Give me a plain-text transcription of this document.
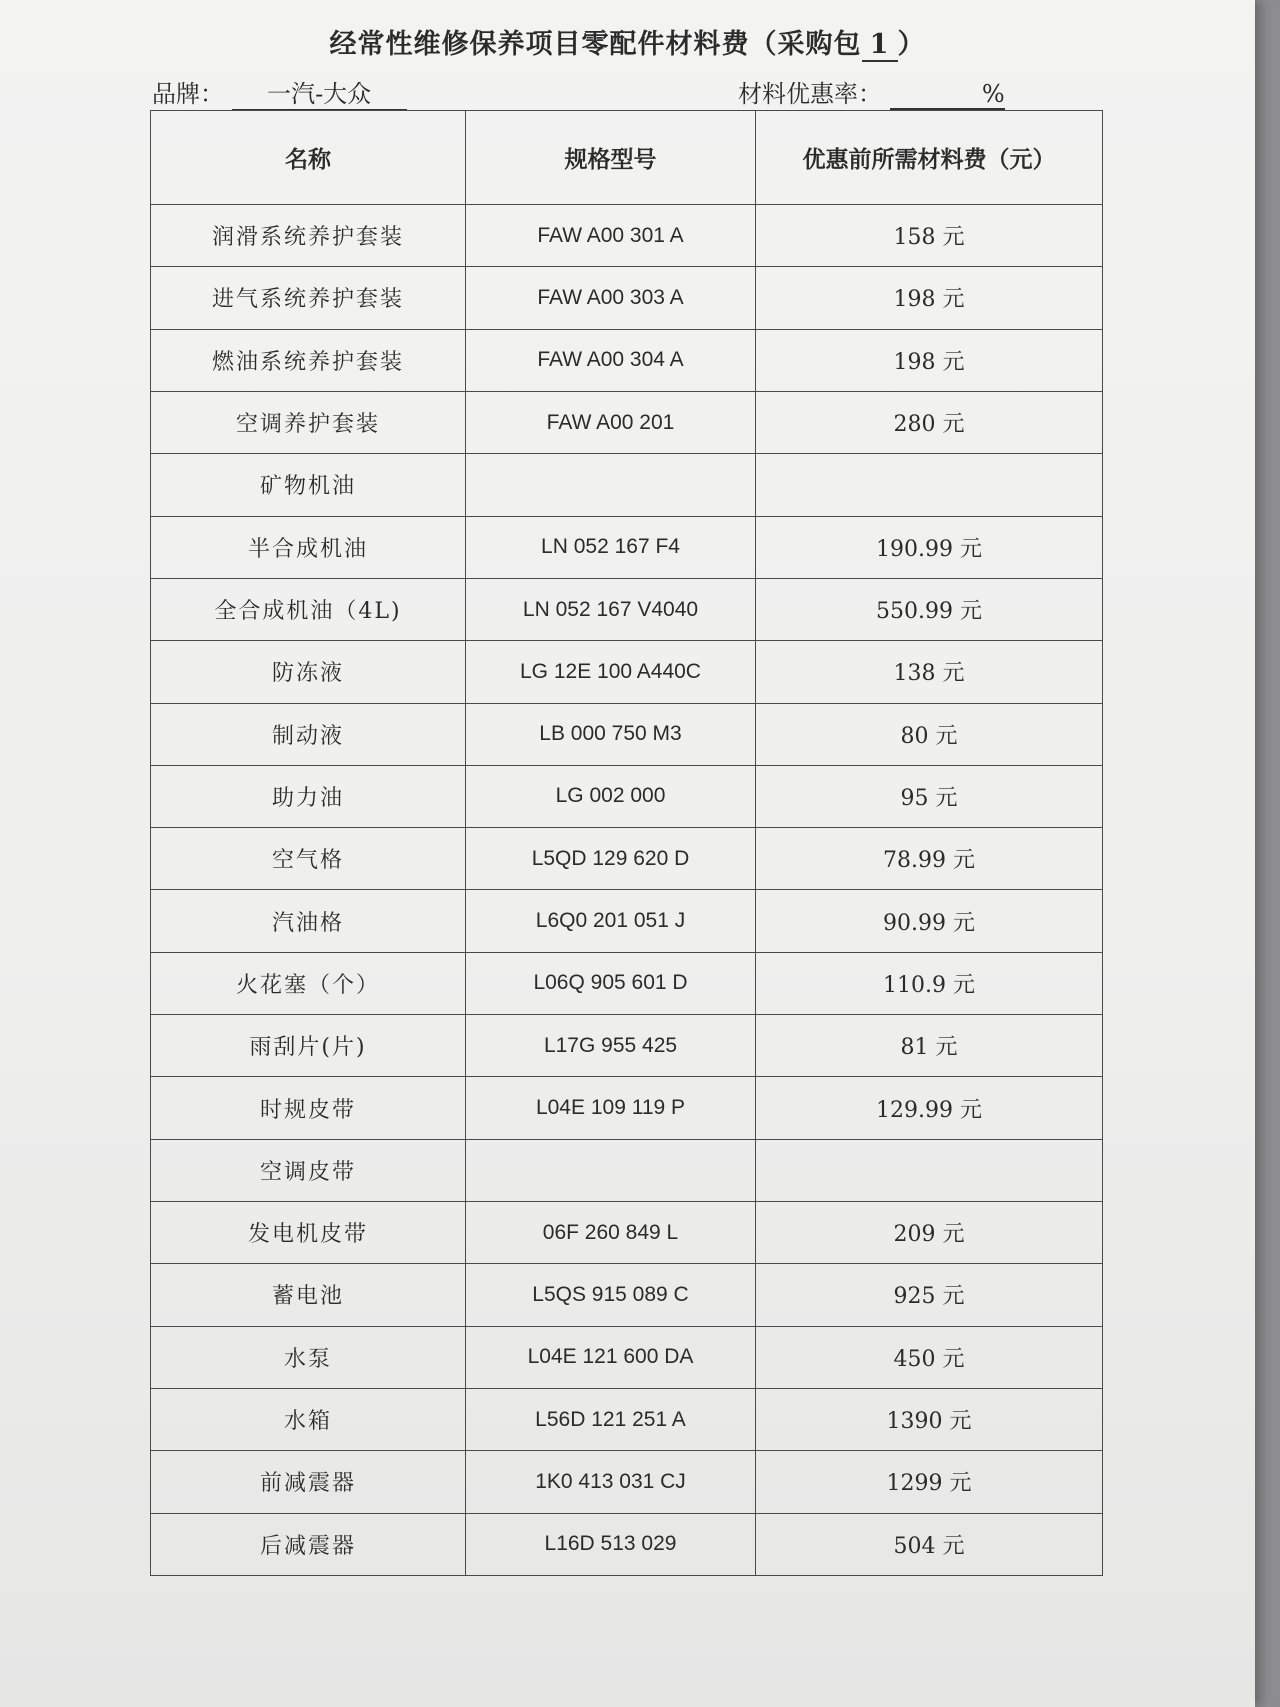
经常性维修保养项目零配件材料费（采购包 1 ）
品牌： 一汽-大众	材料优惠率：	%
名称	规格型号	优惠前所需材料费（元）
润滑系统养护套装	FAW A00 301 A	158 元
进气系统养护套装	FAW A00 303 A	198 元
燃油系统养护套装	FAW A00 304 A	198 元
空调养护套装	FAW A00 201	280 元
矿物机油		
半合成机油	LN 052 167 F4	190.99 元
全合成机油（4L)	LN 052 167 V4040	550.99 元
防冻液	LG 12E 100 A440C	138 元
制动液	LB 000 750 M3	80 元
助力油	LG 002 000	95 元
空气格	L5QD 129 620 D	78.99 元
汽油格	L6Q0 201 051 J	90.99 元
火花塞（个）	L06Q 905 601 D	110.9 元
雨刮片(片)	L17G 955 425	81 元
时规皮带	L04E 109 119 P	129.99 元
空调皮带		
发电机皮带	06F 260 849 L	209 元
蓄电池	L5QS 915 089 C	925 元
水泵	L04E 121 600 DA	450 元
水箱	L56D 121 251 A	1390 元
前减震器	1K0 413 031 CJ	1299 元
后减震器	L16D 513 029	504 元
